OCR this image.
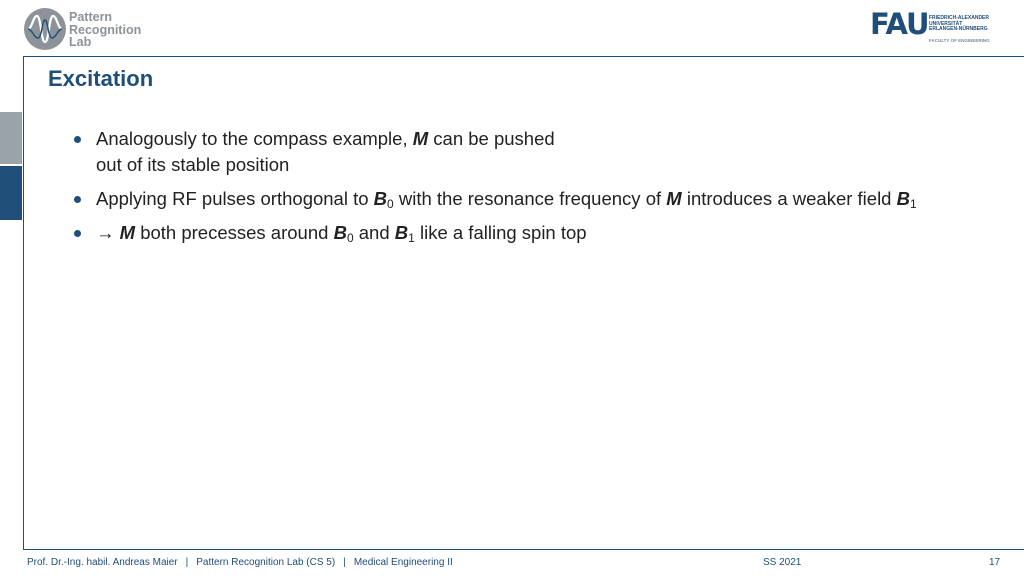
Pattern
Recognition
Lab
FAU FRIEDRICH-ALEXANDER
UNIVERSITÄT
ERLANGEN-NÜRNBERG
FACULTY OF ENGINEERING
Excitation
Analogously to the compass example, M can be pushed
out of its stable position
Applying RF pulses orthogonal to $B_0$ with the resonance frequency of M introduces a weaker field $B_1$
→ M both precesses around $B_0$ and $B_1$ like a falling spin top
Prof. Dr.-Ing. habil. Andreas Maier | Pattern Recognition Lab (CS 5) | Medical Engineering II	SS 2021	17
